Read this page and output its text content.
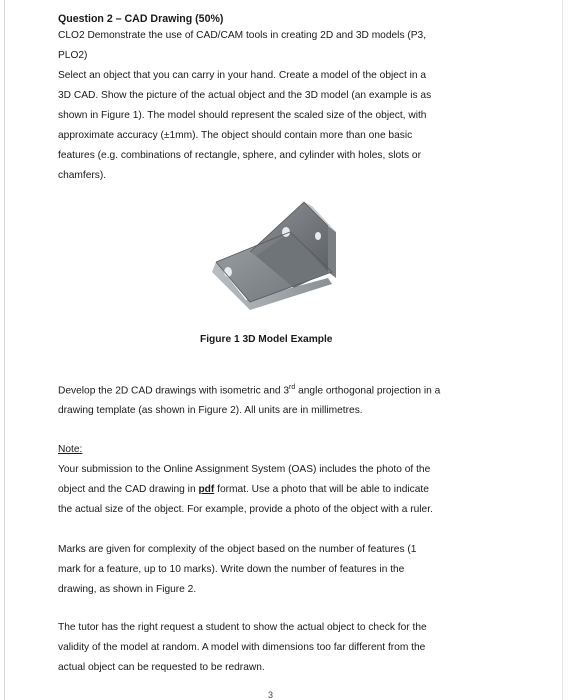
Question 2 – CAD Drawing (50%)

CLO2 Demonstrate the use of CAD/CAM tools in creating 2D and 3D models (P3,

PLO2)

Select an object that you can carry in your hand. Create a model of the object in a

3D CAD. Show the picture of the actual object and the 3D model (an example is as

shown in Figure 1). The model should represent the scaled size of the object, with

approximate accuracy (±1mm). The object should contain more than one basic

features (e.g. combinations of rectangle, sphere, and cylinder with holes, slots or

chamfers).

Figure 1 3D Model Example
Develop the 2D CAD drawings with isometric and 3rd angle orthogonal projection in a
drawing template (as shown in Figure 2). All units are in millimetres.
Note:
Your submission to the Online Assignment System (OAS) includes the photo of the
object and the CAD drawing in pdf format. Use a photo that will be able to indicate
the actual size of the object. For example, provide a photo of the object with a ruler.
Marks are given for complexity of the object based on the number of features (1
mark for a feature, up to 10 marks). Write down the number of features in the
drawing, as shown in Figure 2.
The tutor has the right request a student to show the actual object to check for the
validity of the model at random. A model with dimensions too far different from the
actual object can be requested to be redrawn.
3
